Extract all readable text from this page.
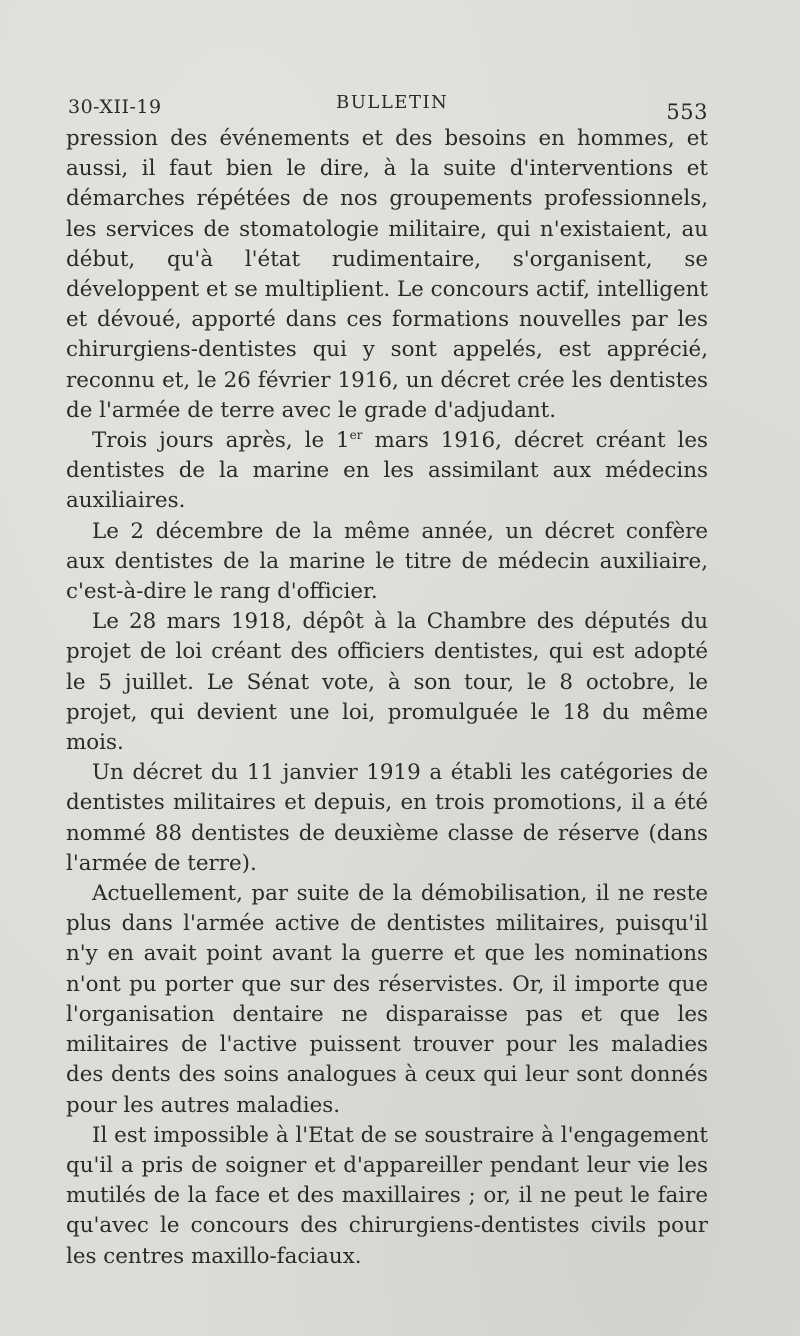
30-XII-19	BULLETIN	553

pression des événements et des besoins en hommes, et aussi, il faut bien le dire, à la suite d'interventions et démarches répétées de nos groupements professionnels, les services de stomatologie militaire, qui n'existaient, au début, qu'à l'état rudimentaire, s'organisent, se développent et se multiplient. Le concours actif, intelligent et dévoué, apporté dans ces formations nouvelles par les chirurgiens-dentistes qui y sont appelés, est apprécié, reconnu et, le 26 février 1916, un décret crée les dentistes de l'armée de terre avec le grade d'adjudant.

Trois jours après, le 1er mars 1916, décret créant les dentistes de la marine en les assimilant aux médecins auxiliaires.

Le 2 décembre de la même année, un décret confère aux dentistes de la marine le titre de médecin auxiliaire, c'est-à-dire le rang d'officier.

Le 28 mars 1918, dépôt à la Chambre des députés du projet de loi créant des officiers dentistes, qui est adopté le 5 juillet. Le Sénat vote, à son tour, le 8 octobre, le projet, qui devient une loi, promulguée le 18 du même mois.

Un décret du 11 janvier 1919 a établi les catégories de dentistes militaires et depuis, en trois promotions, il a été nommé 88 dentistes de deuxième classe de réserve (dans l'armée de terre).

Actuellement, par suite de la démobilisation, il ne reste plus dans l'armée active de dentistes militaires, puisqu'il n'y en avait point avant la guerre et que les nominations n'ont pu porter que sur des réservistes. Or, il importe que l'organisation dentaire ne disparaisse pas et que les militaires de l'active puissent trouver pour les maladies des dents des soins analogues à ceux qui leur sont donnés pour les autres maladies.

Il est impossible à l'Etat de se soustraire à l'engagement qu'il a pris de soigner et d'appareiller pendant leur vie les mutilés de la face et des maxillaires ; or, il ne peut le faire qu'avec le concours des chirurgiens-dentistes civils pour les centres maxillo-faciaux.
